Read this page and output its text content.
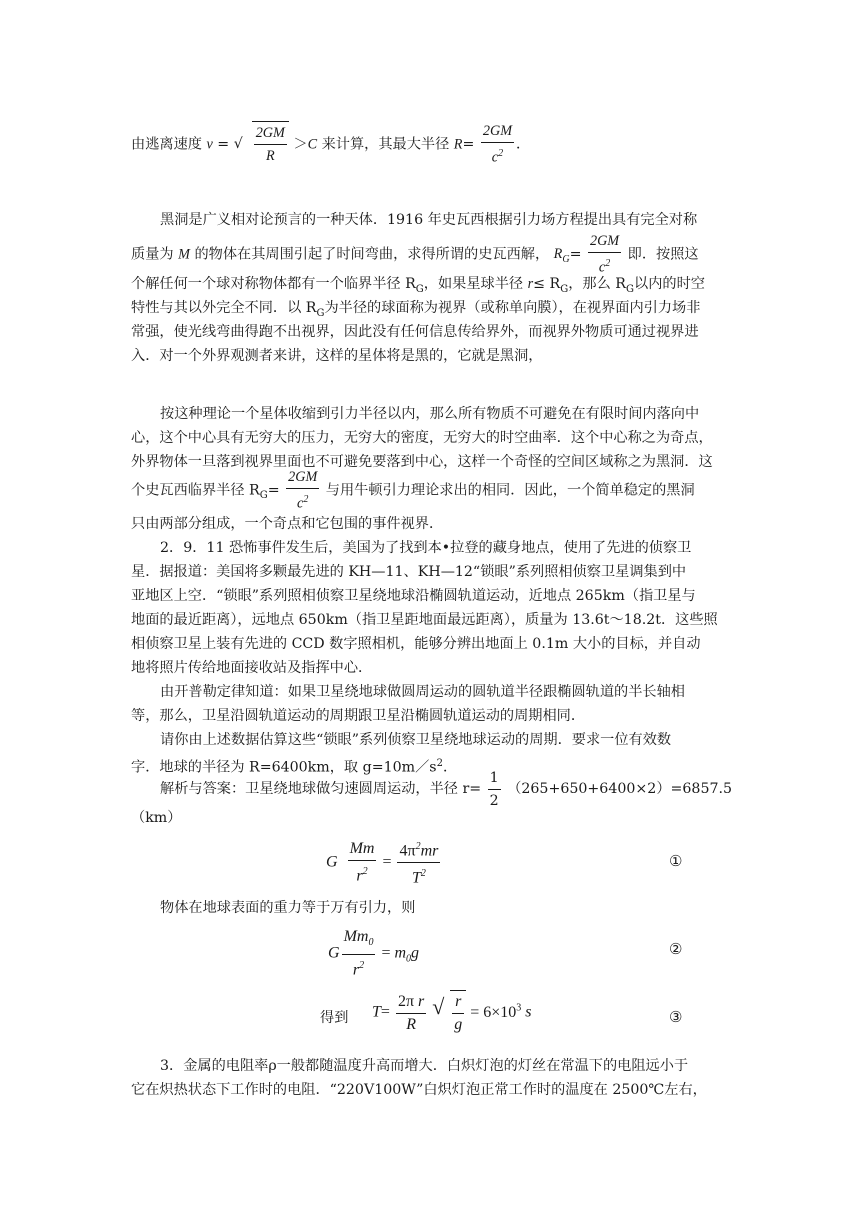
由逃离速度 v = √ $\frac{2GM}{R} >C$ 来计算，其最大半径 $R= \frac{2GM}{c^2}$ ．
黑洞是广义相对论预言的一种天体．1916 年史瓦西根据引力场方程提出具有完全对称
质量为 M 的物体在其周围引起了时间弯曲，求得所谓的史瓦西解， $R_G= \frac{2GM}{c^2}$ 即．按照这
个解任何一个球对称物体都有一个临界半径 $R_G$，如果星球半径 $r\le R_G$，那么 $R_G$以内的时空
特性与其以外完全不同．以 $R_G$为半径的球面称为视界（或称单向膜），在视界面内引力场非
常强，使光线弯曲得跑不出视界，因此没有任何信息传给界外，而视界外物质可通过视界进
入．对一个外界观测者来讲，这样的星体将是黑的，它就是黑洞，
按这种理论一个星体收缩到引力半径以内，那么所有物质不可避免在有限时间内落向中
心，这个中心具有无穷大的压力，无穷大的密度，无穷大的时空曲率．这个中心称之为奇点，
外界物体一旦落到视界里面也不可避免要落到中心，这样一个奇怪的空间区域称之为黑洞．这
个史瓦西临界半径 $R_G= \frac{2GM}{c^2}$ 与用牛顿引力理论求出的相同．因此，一个简单稳定的黑洞
只由两部分组成，一个奇点和它包围的事件视界．
2．9．11 恐怖事件发生后，美国为了找到本•拉登的藏身地点，使用了先进的侦察卫
星．据报道：美国将多颗最先进的 KH—11、KH—12“锁眼”系列照相侦察卫星调集到中
亚地区上空．“锁眼”系列照相侦察卫星绕地球沿椭圆轨道运动，近地点 265km（指卫星与
地面的最近距离），远地点 650km（指卫星距地面最远距离），质量为 13.6t～18.2t．这些照
相侦察卫星上装有先进的 CCD 数字照相机，能够分辨出地面上 0.1m 大小的目标，并自动
地将照片传给地面接收站及指挥中心．
由开普勒定律知道：如果卫星绕地球做圆周运动的圆轨道半径跟椭圆轨道的半长轴相
等，那么，卫星沿圆轨道运动的周期跟卫星沿椭圆轨道运动的周期相同．
请你由上述数据估算这些“锁眼”系列侦察卫星绕地球运动的周期．要求一位有效数
字．地球的半径为 R=6400km，取 $g=10m/s^2$．
解析与答案：卫星绕地球做匀速圆周运动，半径 $r= \frac{1}{2} (265+650+6400\times 2)=6857.5$
（km）
G $\frac{Mm}{r^2} = \frac{4\pi^2mr}{T^2}$	①
物体在地球表面的重力等于万有引力，则
G $\frac{Mm_0}{r^2} = m_0g$	②
得到 $T= \frac{\text{2π r}}{R}$
√ $\frac{r}{g} = 6\times 10^3$ s	③
3．金属的电阻率ρ一般都随温度升高而增大．白炽灯泡的灯丝在常温下的电阻远小于
它在炽热状态下工作时的电阻．“220V100W”白炽灯泡正常工作时的温度在 2500℃左右，
